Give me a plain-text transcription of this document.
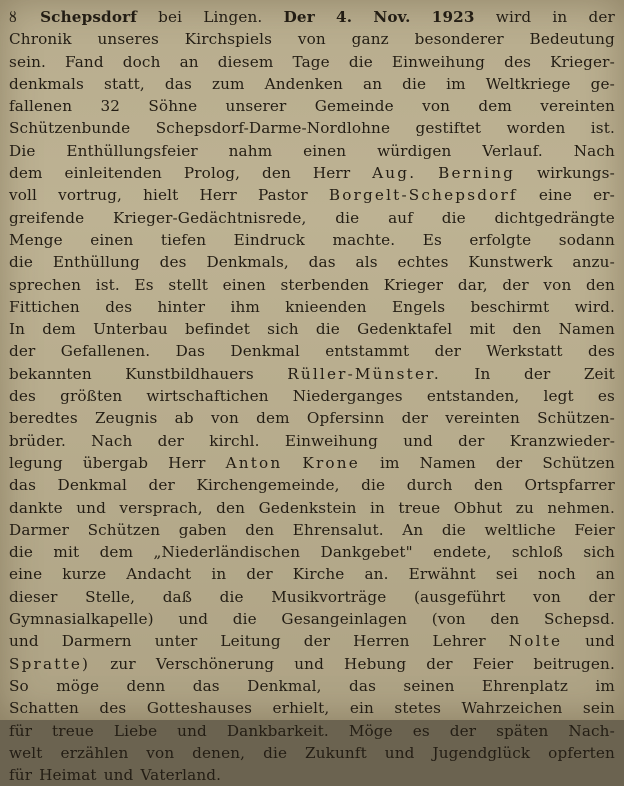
ȣ Schepsdorf bei Lingen. Der 4. Nov. 1923 wird in der
Chronik unseres Kirchspiels von ganz besonderer Bedeutung
sein. Fand doch an diesem Tage die Einweihung des Krieger-
denkmals statt, das zum Andenken an die im Weltkriege ge-
fallenen 32 Söhne unserer Gemeinde von dem vereinten
Schützenbunde Schepsdorf-Darme-Nordlohne gestiftet worden ist.
Die Enthüllungsfeier nahm einen würdigen Verlauf. Nach
dem einleitenden Prolog, den Herr Aug. Berning wirkungs-
voll vortrug, hielt Herr Pastor Borgelt-Schepsdorf eine er-
greifende Krieger-Gedächtnisrede, die auf die dichtgedrängte
Menge einen tiefen Eindruck machte. Es erfolgte sodann
die Enthüllung des Denkmals, das als echtes Kunstwerk anzu-
sprechen ist. Es stellt einen sterbenden Krieger dar, der von den
Fittichen des hinter ihm knieenden Engels beschirmt wird.
In dem Unterbau befindet sich die Gedenktafel mit den Namen
der Gefallenen. Das Denkmal entstammt der Werkstatt des
bekannten Kunstbildhauers Rüller-Münster. In der Zeit
des größten wirtschaftichen Niederganges entstanden, legt es
beredtes Zeugnis ab von dem Opfersinn der vereinten Schützen-
brüder. Nach der kirchl. Einweihung und der Kranzwieder-
legung übergab Herr Anton Krone im Namen der Schützen
das Denkmal der Kirchengemeinde, die durch den Ortspfarrer
dankte und versprach, den Gedenkstein in treue Obhut zu nehmen.
Darmer Schützen gaben den Ehrensalut. An die weltliche Feier
die mit dem „Niederländischen Dankgebet" endete, schloß sich
eine kurze Andacht in der Kirche an. Erwähnt sei noch an
dieser Stelle, daß die Musikvorträge (ausgeführt von der
Gymnasialkapelle) und die Gesangeinlagen (von den Schepsd.
und Darmern unter Leitung der Herren Lehrer Nolte und
Spratte) zur Verschönerung und Hebung der Feier beitrugen.
So möge denn das Denkmal, das seinen Ehrenplatz im
Schatten des Gotteshauses erhielt, ein stetes Wahrzeichen sein
für treue Liebe und Dankbarkeit. Möge es der späten Nach-
welt erzählen von denen, die Zukunft und Jugendglück opferten
für Heimat und Vaterland.
